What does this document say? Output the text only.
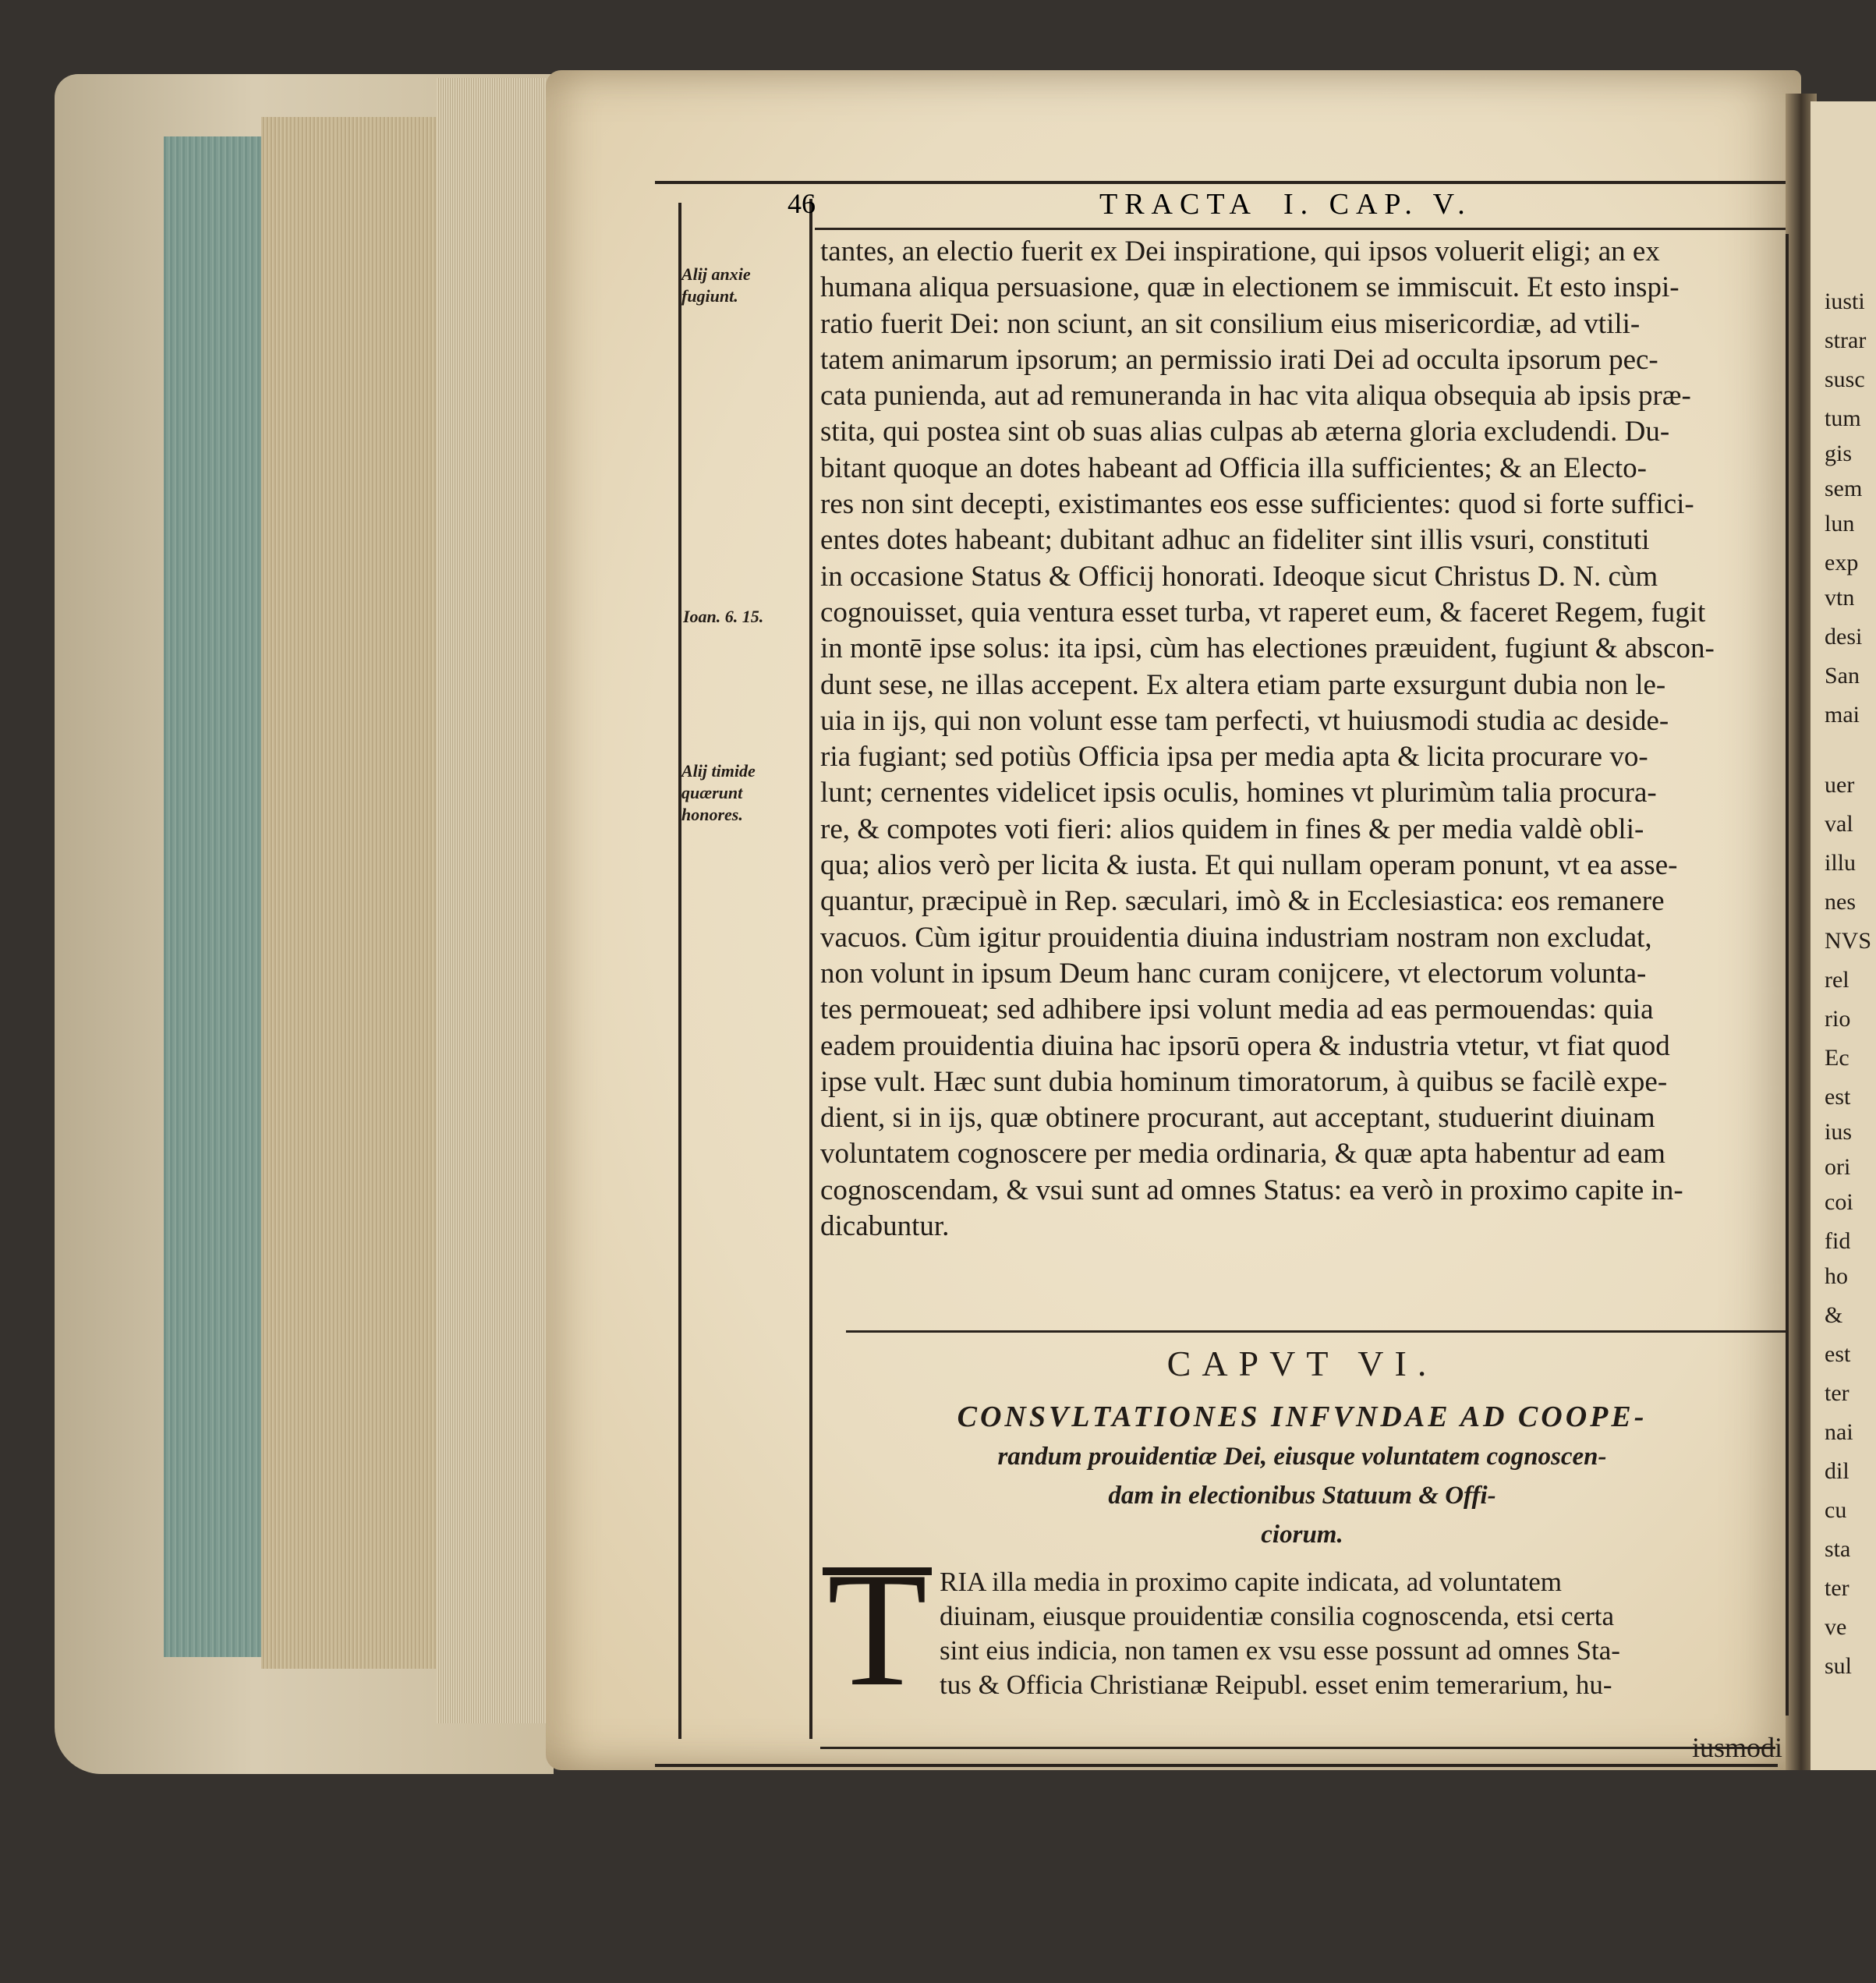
46	TRACTA  I. CAP. V.
Alij anxie
fugiunt.
Ioan. 6. 15.
Alij timide
quærunt
honores.
tantes, an electio fuerit ex Dei inspiratione, qui ipsos voluerit eligi; an ex
humana aliqua persuasione, quæ in electionem se immiscuit. Et esto inspi-
ratio fuerit Dei: non sciunt, an sit consilium eius misericordiæ, ad vtili-
tatem animarum ipsorum; an permissio irati Dei ad occulta ipsorum pec-
cata punienda, aut ad remuneranda in hac vita aliqua obsequia ab ipsis præ-
stita, qui postea sint ob suas alias culpas ab æterna gloria excludendi. Du-
bitant quoque an dotes habeant ad Officia illa sufficientes; & an Electo-
res non sint decepti, existimantes eos esse sufficientes: quod si forte suffici-
entes dotes habeant; dubitant adhuc an fideliter sint illis vsuri, constituti
in occasione Status & Officij honorati. Ideoque sicut Christus D. N. cùm
cognouisset, quia ventura esset turba, vt raperet eum, & faceret Regem, fugit
in montē ipse solus: ita ipsi, cùm has electiones præuident, fugiunt & abscon-
dunt sese, ne illas accepent. Ex altera etiam parte exsurgunt dubia non le-
uia in ijs, qui non volunt esse tam perfecti, vt huiusmodi studia ac deside-
ria fugiant; sed potiùs Officia ipsa per media apta & licita procurare vo-
lunt; cernentes videlicet ipsis oculis, homines vt plurimùm talia procura-
re, & compotes voti fieri: alios quidem in fines & per media valdè obli-
qua; alios verò per licita & iusta. Et qui nullam operam ponunt, vt ea asse-
quantur, præcipuè in Rep. sæculari, imò & in Ecclesiastica: eos remanere
vacuos. Cùm igitur prouidentia diuina industriam nostram non excludat,
non volunt in ipsum Deum hanc curam conijcere, vt electorum volunta-
tes permoueat; sed adhibere ipsi volunt media ad eas permouendas: quia
eadem prouidentia diuina hac ipsorū opera & industria vtetur, vt fiat quod
ipse vult. Hæc sunt dubia hominum timoratorum, à quibus se facilè expe-
dient, si in ijs, quæ obtinere procurant, aut acceptant, studuerint diuinam
voluntatem cognoscere per media ordinaria, & quæ apta habentur ad eam
cognoscendam, & vsui sunt ad omnes Status: ea verò in proximo capite in-
dicabuntur.
CAPVT VI.
CONSVLTATIONES INFVNDAE AD COOPE-
randum prouidentiæ Dei, eiusque voluntatem cognoscen-
dam in electionibus Statuum & Offi-
ciorum.
T RIA illa media in proximo capite indicata, ad voluntatem
diuinam, eiusque prouidentiæ consilia cognoscenda, etsi certa
sint eius indicia, non tamen ex vsu esse possunt ad omnes Sta-
tus & Officia Christianæ Reipubl. esset enim temerarium, hu-
iusmodi
iusti
strar
susc
tum
gis
sem
lun
exp
vtn
desi
San
mai
uer
val
illu
nes
NVS
rel
rio
Ec
est
ius
ori
coi
fid
ho
&
est
ter
nai
dil
cu
sta
ter
ve
sul
